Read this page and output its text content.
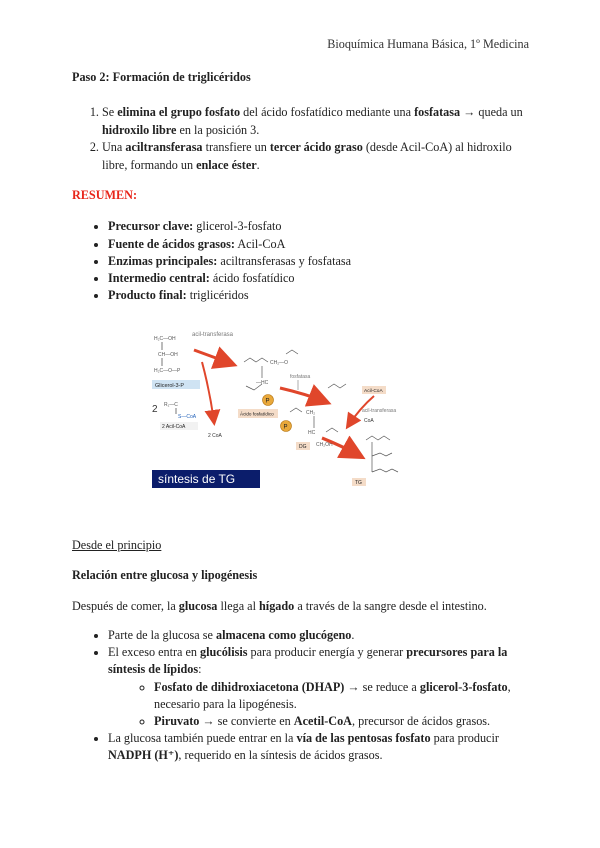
Bioquímica Humana Básica, 1º Medicina
Paso 2: Formación de triglicéridos
1. Se elimina el grupo fosfato del ácido fosfatídico mediante una fosfatasa → queda un hidroxilo libre en la posición 3.
2. Una aciltransferasa transfiere un tercer ácido graso (desde Acil-CoA) al hidroxilo libre, formando un enlace éster.
RESUMEN:
• Precursor clave: glicerol-3-fosfato
• Fuente de ácidos grasos: Acil-CoA
• Enzimas principales: aciltransferasas y fosfatasa
• Intermedio central: ácido fosfatídico
• Producto final: triglicéridos
H₂C—OH
CH—OH
H₂C—O—P
Glicerol-3-P
2 R₁—C
S—CoA
2 Acil-CoA
acil-transferasa
2 CoA
CH₂—O
—HC
P
Ácido fosfatídico
fosfatasa
P
CH₂
HC
CH₂OH
DG
Acil-CoA
acil-transferasa
CoA
TG
síntesis de TG
Desde el principio
Relación entre glucosa y lipogénesis
Después de comer, la glucosa llega al hígado a través de la sangre desde el intestino.
• Parte de la glucosa se almacena como glucógeno.
• El exceso entra en glucólisis para producir energía y generar precursores para la síntesis de lípidos:
◦ Fosfato de dihidroxiacetona (DHAP) → se reduce a glicerol-3-fosfato, necesario para la lipogénesis.
◦ Piruvato → se convierte en Acetil-CoA, precursor de ácidos grasos.
• La glucosa también puede entrar en la vía de las pentosas fosfato para producir NADPH (H⁺), requerido en la síntesis de ácidos grasos.
